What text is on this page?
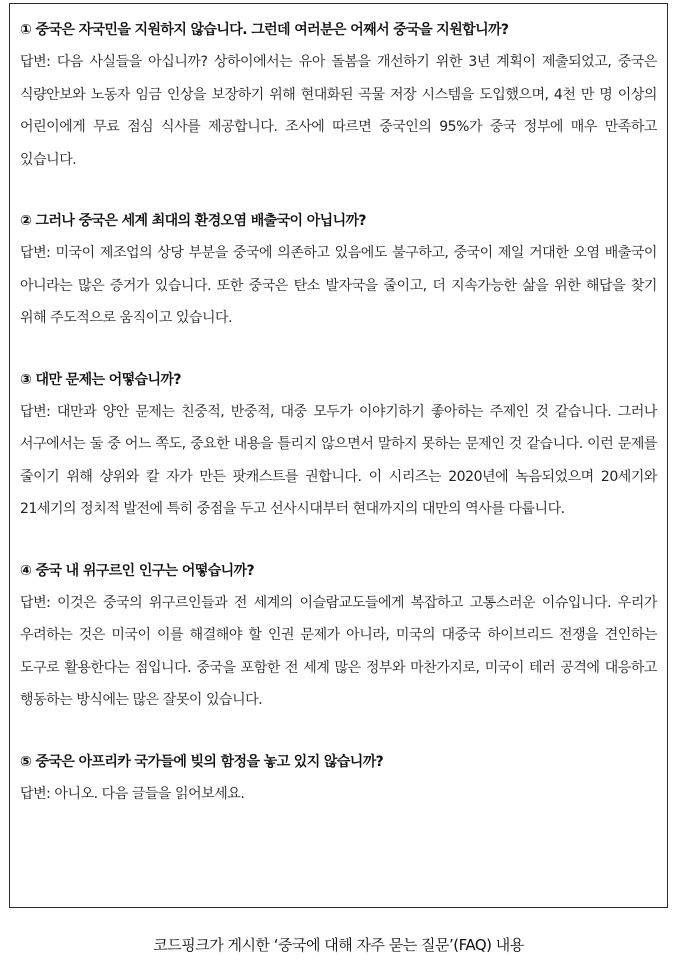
① 중국은 자국민을 지원하지 않습니다. 그런데 여러분은 어째서 중국을 지원합니까?
답변: 다음 사실들을 아십니까? 상하이에서는 유아 돌봄을 개선하기 위한 3년 계획이 제출되었고, 중국은 식량안보와 노동자 임금 인상을 보장하기 위해 현대화된 곡물 저장 시스템을 도입했으며, 4천 만 명 이상의 어린이에게 무료 점심 식사를 제공합니다. 조사에 따르면 중국인의 95%가 중국 정부에 매우 만족하고 있습니다.
② 그러나 중국은 세계 최대의 환경오염 배출국이 아닙니까?
답변: 미국이 제조업의 상당 부분을 중국에 의존하고 있음에도 불구하고, 중국이 제일 거대한 오염 배출국이 아니라는 많은 증거가 있습니다. 또한 중국은 탄소 발자국을 줄이고, 더 지속가능한 삶을 위한 해답을 찾기 위해 주도적으로 움직이고 있습니다.
③ 대만 문제는 어떻습니까?
답변: 대만과 양안 문제는 친중적, 반중적, 대중 모두가 이야기하기 좋아하는 주제인 것 같습니다. 그러나 서구에서는 둘 중 어느 쪽도, 중요한 내용을 틀리지 않으면서 말하지 못하는 문제인 것 같습니다. 이런 문제를 줄이기 위해 샹위와 칼 자가 만든 팟캐스트를 권합니다. 이 시리즈는 2020년에 녹음되었으며 20세기와 21세기의 정치적 발전에 특히 중점을 두고 선사시대부터 현대까지의 대만의 역사를 다룹니다.
④ 중국 내 위구르인 인구는 어떻습니까?
답변: 이것은 중국의 위구르인들과 전 세계의 이슬람교도들에게 복잡하고 고통스러운 이슈입니다. 우리가 우려하는 것은 미국이 이를 해결해야 할 인권 문제가 아니라, 미국의 대중국 하이브리드 전쟁을 견인하는 도구로 활용한다는 점입니다. 중국을 포함한 전 세계 많은 정부와 마찬가지로, 미국이 테러 공격에 대응하고 행동하는 방식에는 많은 잘못이 있습니다.
⑤ 중국은 아프리카 국가들에 빚의 함정을 놓고 있지 않습니까?
답변: 아니오. 다음 글들을 읽어보세요.
코드핑크가 게시한 ‘중국에 대해 자주 묻는 질문’(FAQ) 내용
